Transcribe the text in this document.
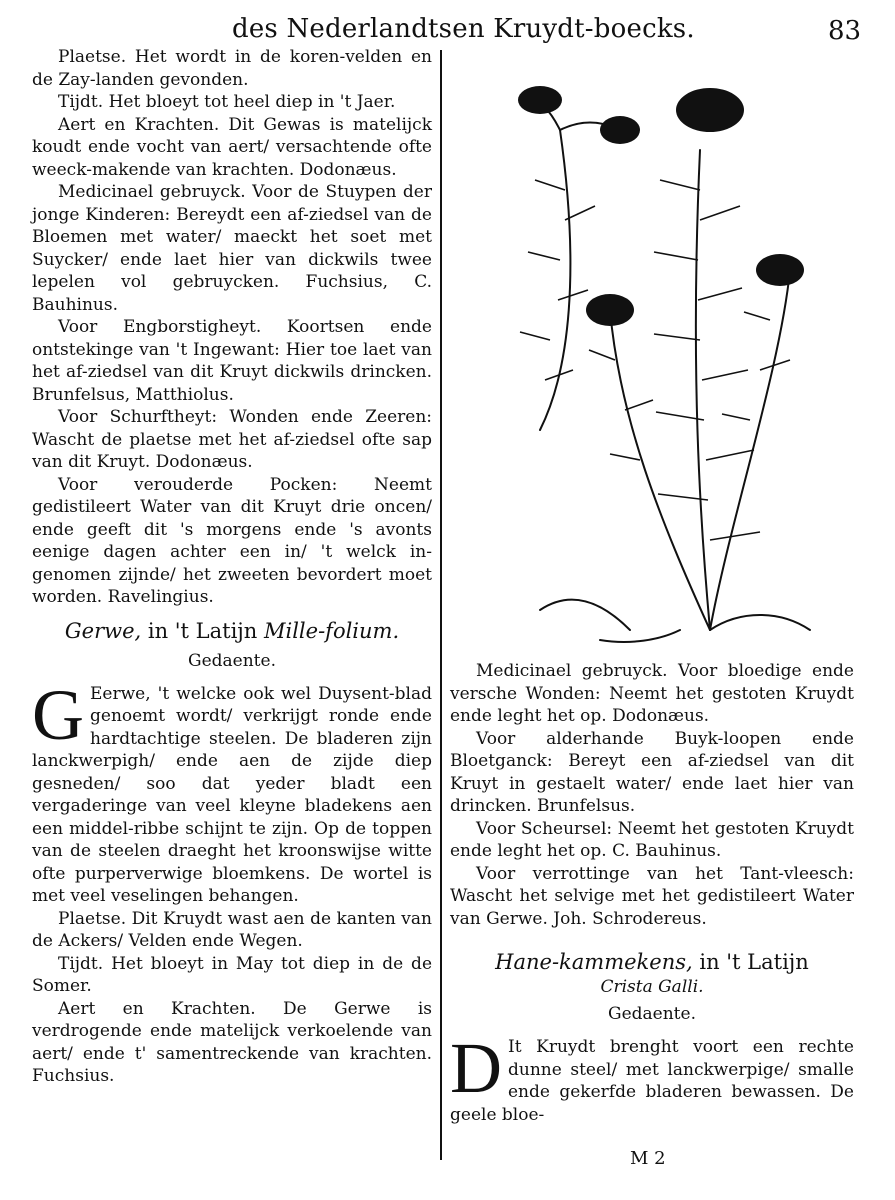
des Nederlandtsen Kruydt-boecks.	83

Plaetse. Het wordt in de koren-velden en de Zay-landen gevonden.

Tijdt. Het bloeyt tot heel diep in 't Jaer.

Aert en Krachten. Dit Gewas is matelijck koudt ende vocht van aert/ versachtende ofte weeck-makende van krachten. Dodonæus.

Medicinael gebruyck. Voor de Stuypen der jonge Kinderen: Bereydt een af-ziedsel van de Bloemen met water/ maeckt het soet met Suycker/ ende laet hier van dickwils twee lepelen vol gebruycken. Fuchsius, C. Bauhinus.

Voor Engborstigheyt. Koortsen ende ontstekinge van 't Ingewant: Hier toe laet van het af-ziedsel van dit Kruyt dickwils drincken. Brunfelsus, Matthiolus.

Voor Schurftheyt: Wonden ende Zeeren: Wascht de plaetse met het af-ziedsel ofte sap van dit Kruyt. Dodonæus.

Voor verouderde Pocken: Neemt gedistileert Water van dit Kruyt drie oncen/ ende geeft dit 's morgens ende 's avonts eenige dagen achter een in/ 't welck in-genomen zijnde/ het zweeten bevordert moet worden. Ravelingius.

Gerwe, in 't Latijn Mille-folium.
Gedaente.

G Eerwe, 't welcke ook wel Duysent-blad genoemt wordt/ verkrijgt ronde ende hardtachtige steelen. De bladeren zijn lanckwerpigh/ ende aen de zijde diep gesneden/ soo dat yeder bladt een vergaderinge van veel kleyne bladekens aen een middel-ribbe schijnt te zijn. Op de toppen van de steelen draeght het kroonswijse witte ofte purperverwige bloemkens. De wortel is met veel veselingen behangen.

Plaetse. Dit Kruydt wast aen de kanten van de Ackers/ Velden ende Wegen.

Tijdt. Het bloeyt in May tot diep in de de Somer.

Aert en Krachten. De Gerwe is verdrogende ende matelijck verkoelende van aert/ ende t' samentreckende van krachten. Fuchsius.

Medicinael gebruyck. Voor bloedige ende versche Wonden: Neemt het gestoten Kruydt ende leght het op. Dodonæus.

Voor alderhande Buyk-loopen ende Bloetganck: Bereyt een af-ziedsel van dit Kruyt in gestaelt water/ ende laet hier van drincken. Brunfelsus.

Voor Scheursel: Neemt het gestoten Kruydt ende leght het op. C. Bauhinus.

Voor verrottinge van het Tant-vleesch: Wascht het selvige met het gedistileert Water van Gerwe. Joh. Schrodereus.

Hane-kammekens, in 't Latijn
Crista Galli.
Gedaente.

D It Kruydt brenght voort een rechte dunne steel/ met lanckwerpige/ smalle ende gekerfde bladeren bewassen. De geele bloe-

M 2
